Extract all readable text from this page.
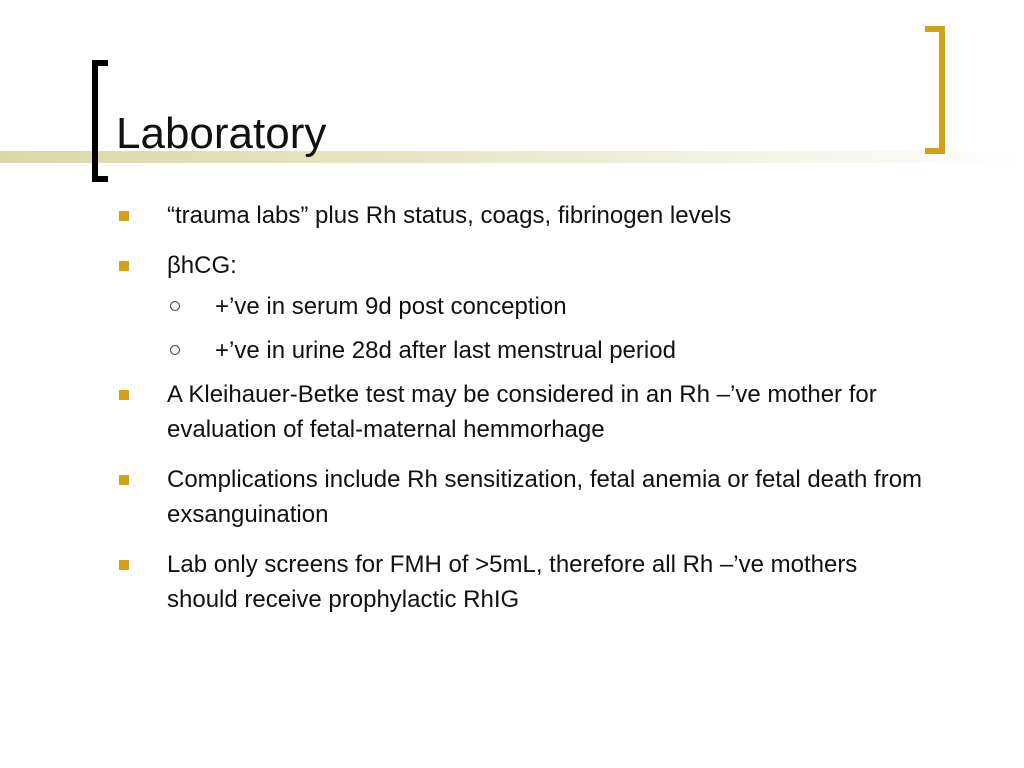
Laboratory
“trauma labs” plus Rh status, coags, fibrinogen levels
βhCG:
+’ve in serum 9d post conception
+’ve in urine 28d after last menstrual period
A Kleihauer-Betke test may be considered in an Rh –’ve mother for evaluation of fetal-maternal hemmorhage
Complications include Rh sensitization, fetal anemia or fetal death from exsanguination
Lab only screens for FMH of >5mL, therefore all Rh –’ve mothers should receive prophylactic RhIG
